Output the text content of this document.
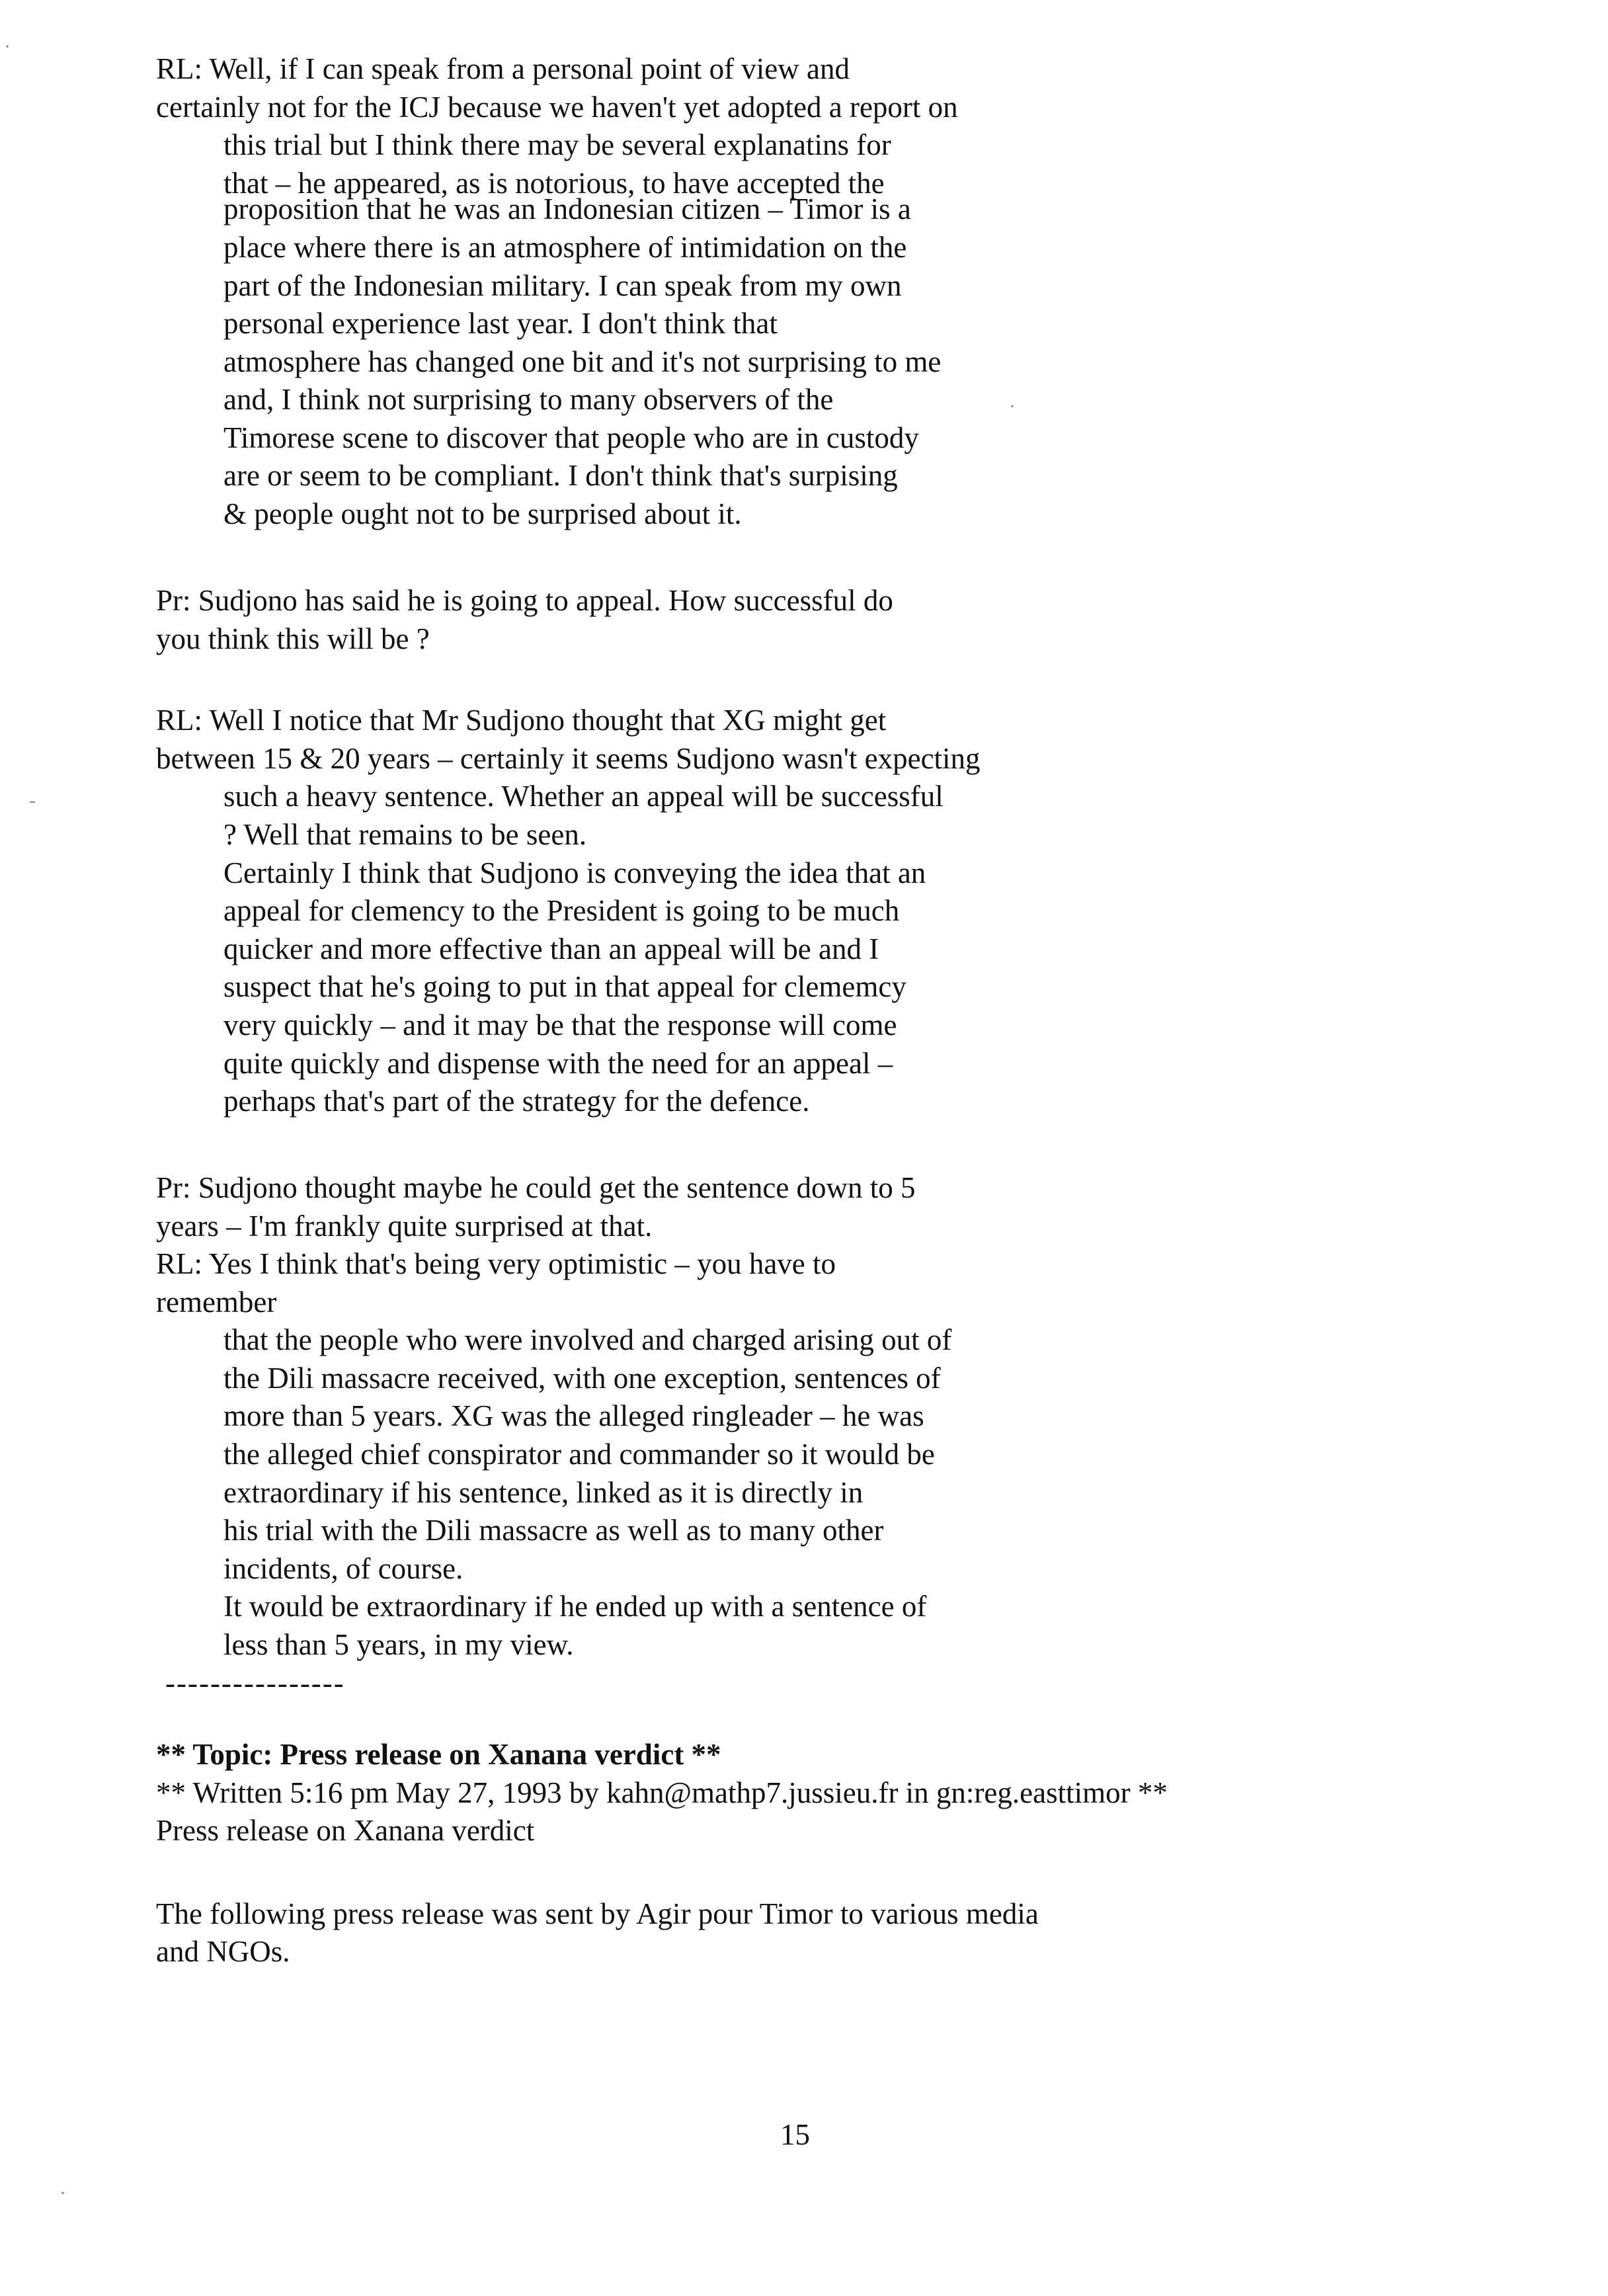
RL: Well, if I can speak from a personal point of view and
certainly not for the ICJ because we haven't yet adopted a report on
this trial but I think there may be several explanatins for
that – he appeared, as is notorious, to have accepted the
proposition that he was an Indonesian citizen – Timor is a
place where there is an atmosphere of intimidation on the
part of the Indonesian military. I can speak from my own
personal experience last year. I don't think that
atmosphere has changed one bit and it's not surprising to me
and, I think not surprising to many observers of the
Timorese scene to discover that people who are in custody
are or seem to be compliant. I don't think that's surpising
& people ought not to be surprised about it.
Pr: Sudjono has said he is going to appeal. How successful do
you think this will be ?
RL: Well I notice that Mr Sudjono thought that XG might get
between 15 & 20 years – certainly it seems Sudjono wasn't expecting
such a heavy sentence. Whether an appeal will be successful
? Well that remains to be seen.
Certainly I think that Sudjono is conveying the idea that an
appeal for clemency to the President is going to be much
quicker and more effective than an appeal will be and I
suspect that he's going to put in that appeal for clememcy
very quickly – and it may be that the response will come
quite quickly and dispense with the need for an appeal –
perhaps that's part of the strategy for the defence.
Pr: Sudjono thought maybe he could get the sentence down to 5
years – I'm frankly quite surprised at that.
RL: Yes I think that's being very optimistic – you have to
remember
that the people who were involved and charged arising out of
the Dili massacre received, with one exception, sentences of
more than 5 years. XG was the alleged ringleader – he was
the alleged chief conspirator and commander so it would be
extraordinary if his sentence, linked as it is directly in
his trial with the Dili massacre as well as to many other
incidents, of course.
It would be extraordinary if he ended up with a sentence of
less than 5 years, in my view.
----------------
** Topic: Press release on Xanana verdict **
** Written 5:16 pm May 27, 1993 by kahn@mathp7.jussieu.fr in gn:reg.easttimor **
Press release on Xanana verdict
The following press release was sent by Agir pour Timor to various media
and NGOs.
15
·
·
‐
·
